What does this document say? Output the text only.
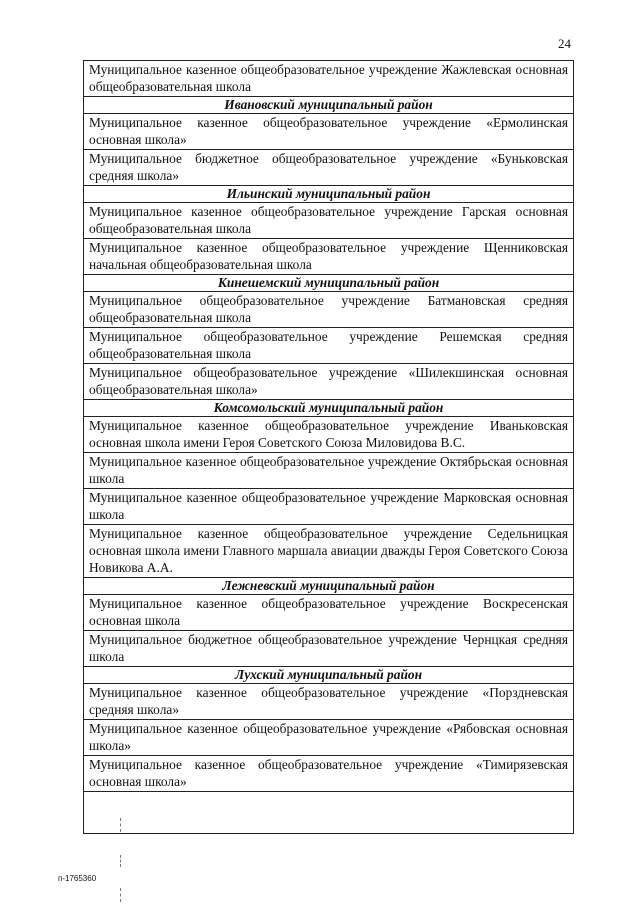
24
Муниципальное казенное общеобразовательное учреждение Жажлевская основная общеобразовательная школа
Ивановский муниципальный район
Муниципальное казенное общеобразовательное учреждение «Ермолинская основная школа»
Муниципальное бюджетное общеобразовательное учреждение «Буньковская средняя школа»
Ильинский муниципальный район
Муниципальное казенное общеобразовательное учреждение Гарская основная общеобразовательная школа
Муниципальное казенное общеобразовательное учреждение Щенниковская начальная общеобразовательная школа
Кинешемский муниципальный район
Муниципальное общеобразовательное учреждение Батмановская средняя общеобразовательная школа
Муниципальное общеобразовательное учреждение Решемская средняя общеобразовательная школа
Муниципальное общеобразовательное учреждение «Шилекшинская основная общеобразовательная школа»
Комсомольский муниципальный район
Муниципальное казенное общеобразовательное учреждение Иваньковская основная школа имени Героя Советского Союза Миловидова В.С.
Муниципальное казенное общеобразовательное учреждение Октябрьская основная школа
Муниципальное казенное общеобразовательное учреждение Марковская основная школа
Муниципальное казенное общеобразовательное учреждение Седельницкая основная школа имени Главного маршала авиации дважды Героя Советского Союза Новикова А.А.
Лежневский муниципальный район
Муниципальное казенное общеобразовательное учреждение Воскресенская основная школа
Муниципальное бюджетное общеобразовательное учреждение Чернцкая средняя школа
Лухский муниципальный район
Муниципальное казенное общеобразовательное учреждение «Порздневская средняя школа»
Муниципальное казенное общеобразовательное учреждение «Рябовская основная школа»
Муниципальное казенное общеобразовательное учреждение «Тимирязевская основная школа»

п-1765360
